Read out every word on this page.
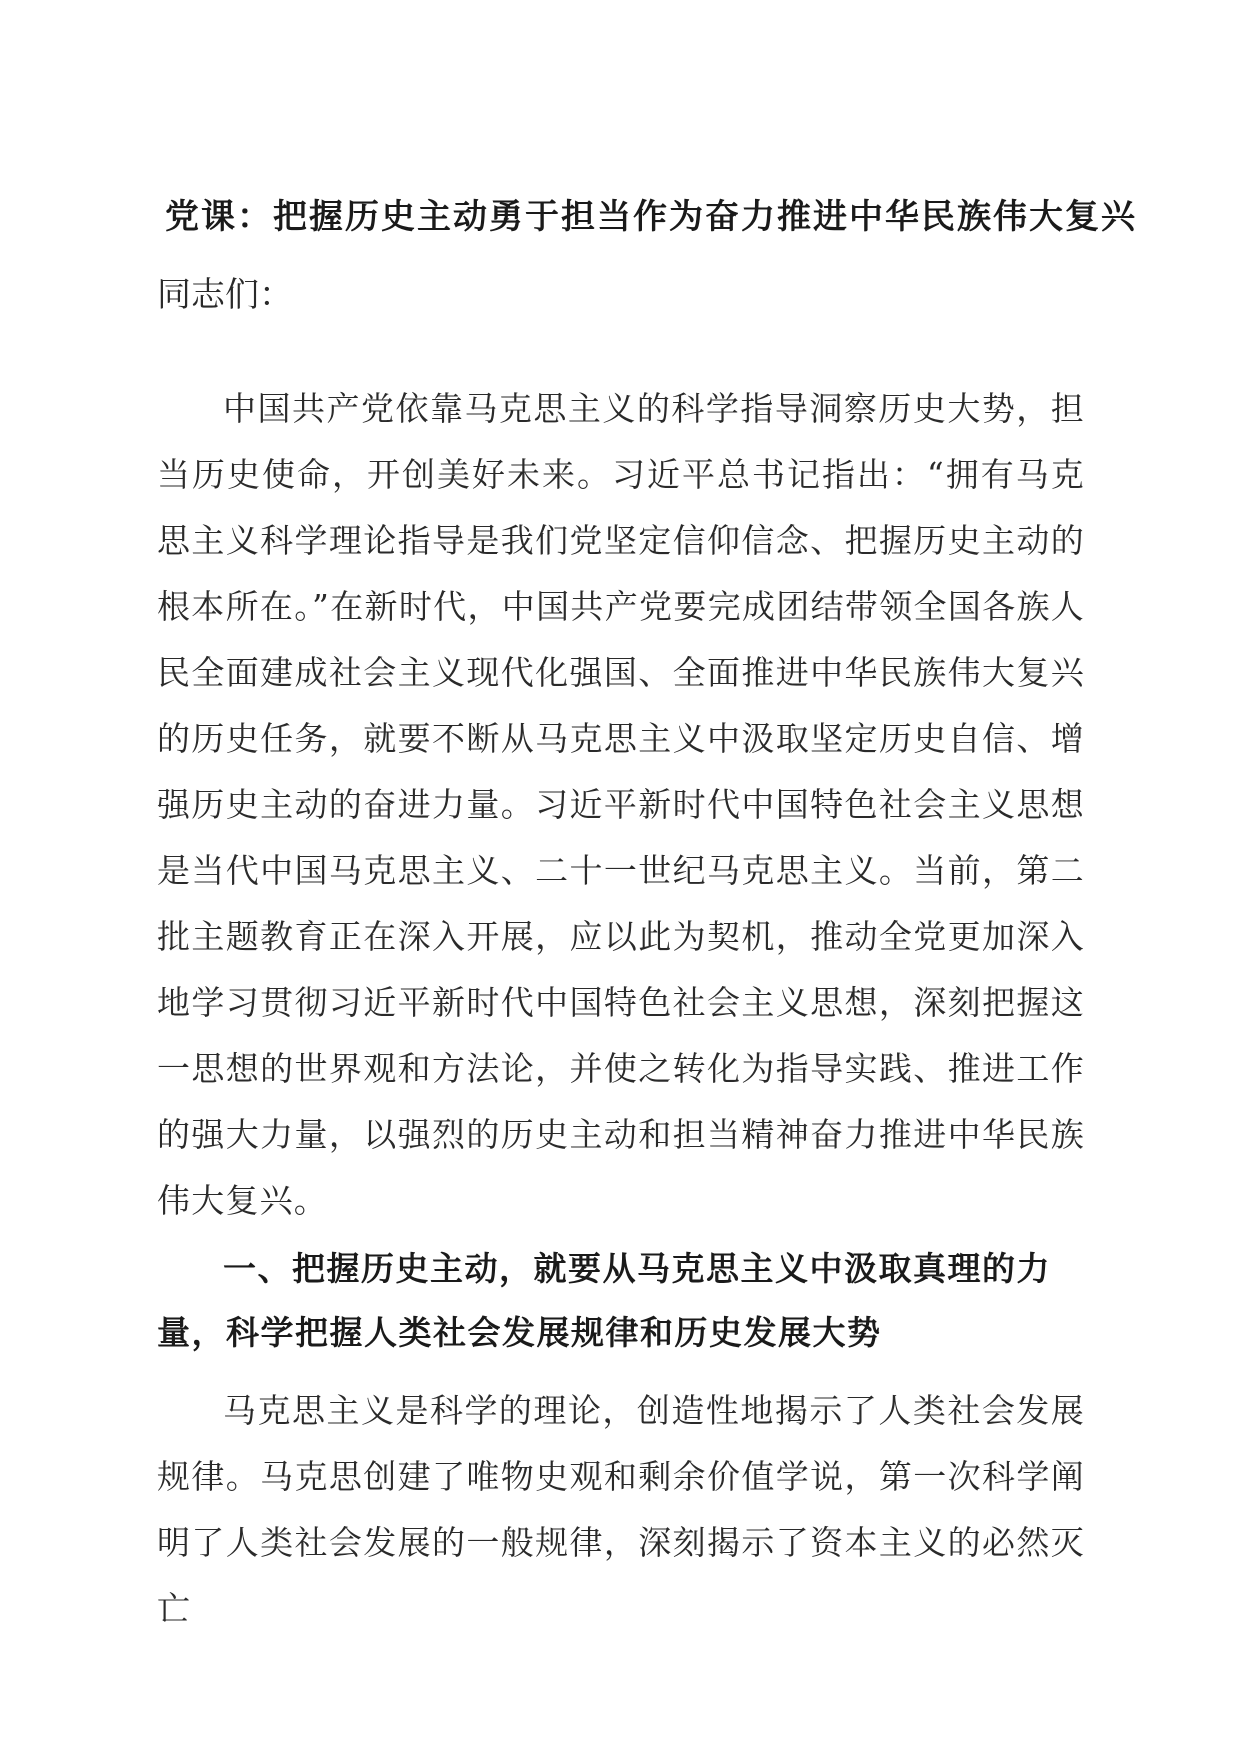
党课：把握历史主动勇于担当作为奋力推进中华民族伟大复兴

同志们：

中国共产党依靠马克思主义的科学指导洞察历史大势，担当历史使命，开创美好未来。习近平总书记指出：“拥有马克思主义科学理论指导是我们党坚定信仰信念、把握历史主动的根本所在。”在新时代，中国共产党要完成团结带领全国各族人民全面建成社会主义现代化强国、全面推进中华民族伟大复兴的历史任务，就要不断从马克思主义中汲取坚定历史自信、增强历史主动的奋进力量。习近平新时代中国特色社会主义思想是当代中国马克思主义、二十一世纪马克思主义。当前，第二批主题教育正在深入开展，应以此为契机，推动全党更加深入地学习贯彻习近平新时代中国特色社会主义思想，深刻把握这一思想的世界观和方法论，并使之转化为指导实践、推进工作的强大力量，以强烈的历史主动和担当精神奋力推进中华民族伟大复兴。

一、把握历史主动，就要从马克思主义中汲取真理的力量，科学把握人类社会发展规律和历史发展大势

马克思主义是科学的理论，创造性地揭示了人类社会发展规律。马克思创建了唯物史观和剩余价值学说，第一次科学阐明了人类社会发展的一般规律，深刻揭示了资本主义的必然灭亡
